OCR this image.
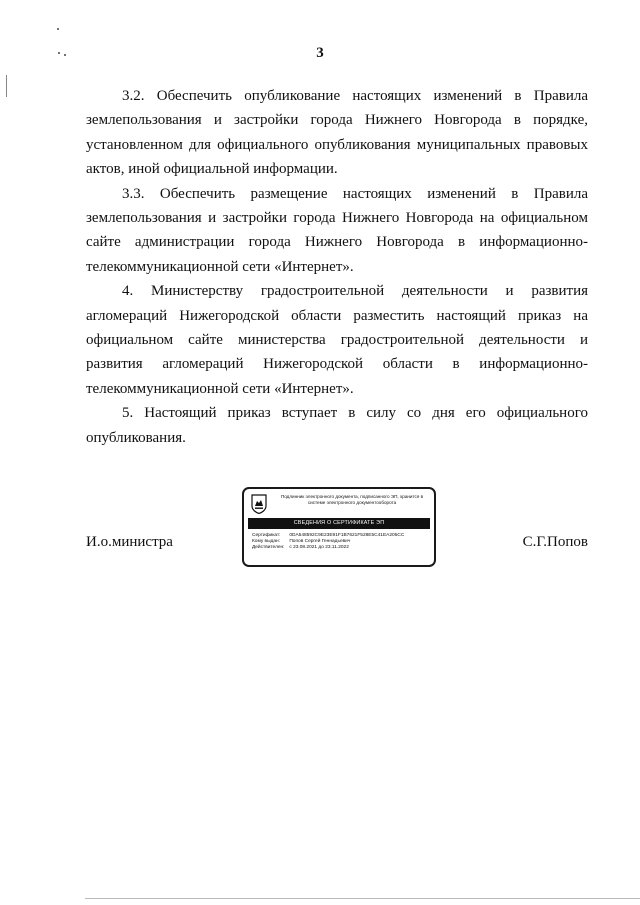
3

3.2. Обеспечить опубликование настоящих изменений в Правила землепользования и застройки города Нижнего Новгорода в порядке, установленном для официального опубликования муниципальных правовых актов, иной официальной информации.

3.3. Обеспечить размещение настоящих изменений в Правила землепользования и застройки города Нижнего Новгорода на официальном сайте администрации города Нижнего Новгорода в информационно-телекоммуникационной сети «Интернет».

4. Министерству градостроительной деятельности и развития агломераций Нижегородской области разместить настоящий приказ на официальном сайте министерства градостроительной деятельности и развития агломераций Нижегородской области в информационно-телекоммуникационной сети «Интернет».

5. Настоящий приказ вступает в силу со дня его официального опубликования.

Подлинник электронного документа, подписанного ЭП, хранится в системе электронного документооборота
СВЕДЕНИЯ О СЕРТИФИКАТЕ ЭП
Сертификат: 0DA548592C9E23E91F1B7621F528E5C41EA205CC
Кому выдан: Попов Сергей Геннадьевич
Действителен: с 23.08.2021 до 23.11.2022
И.о.министра	С.Г.Попов
